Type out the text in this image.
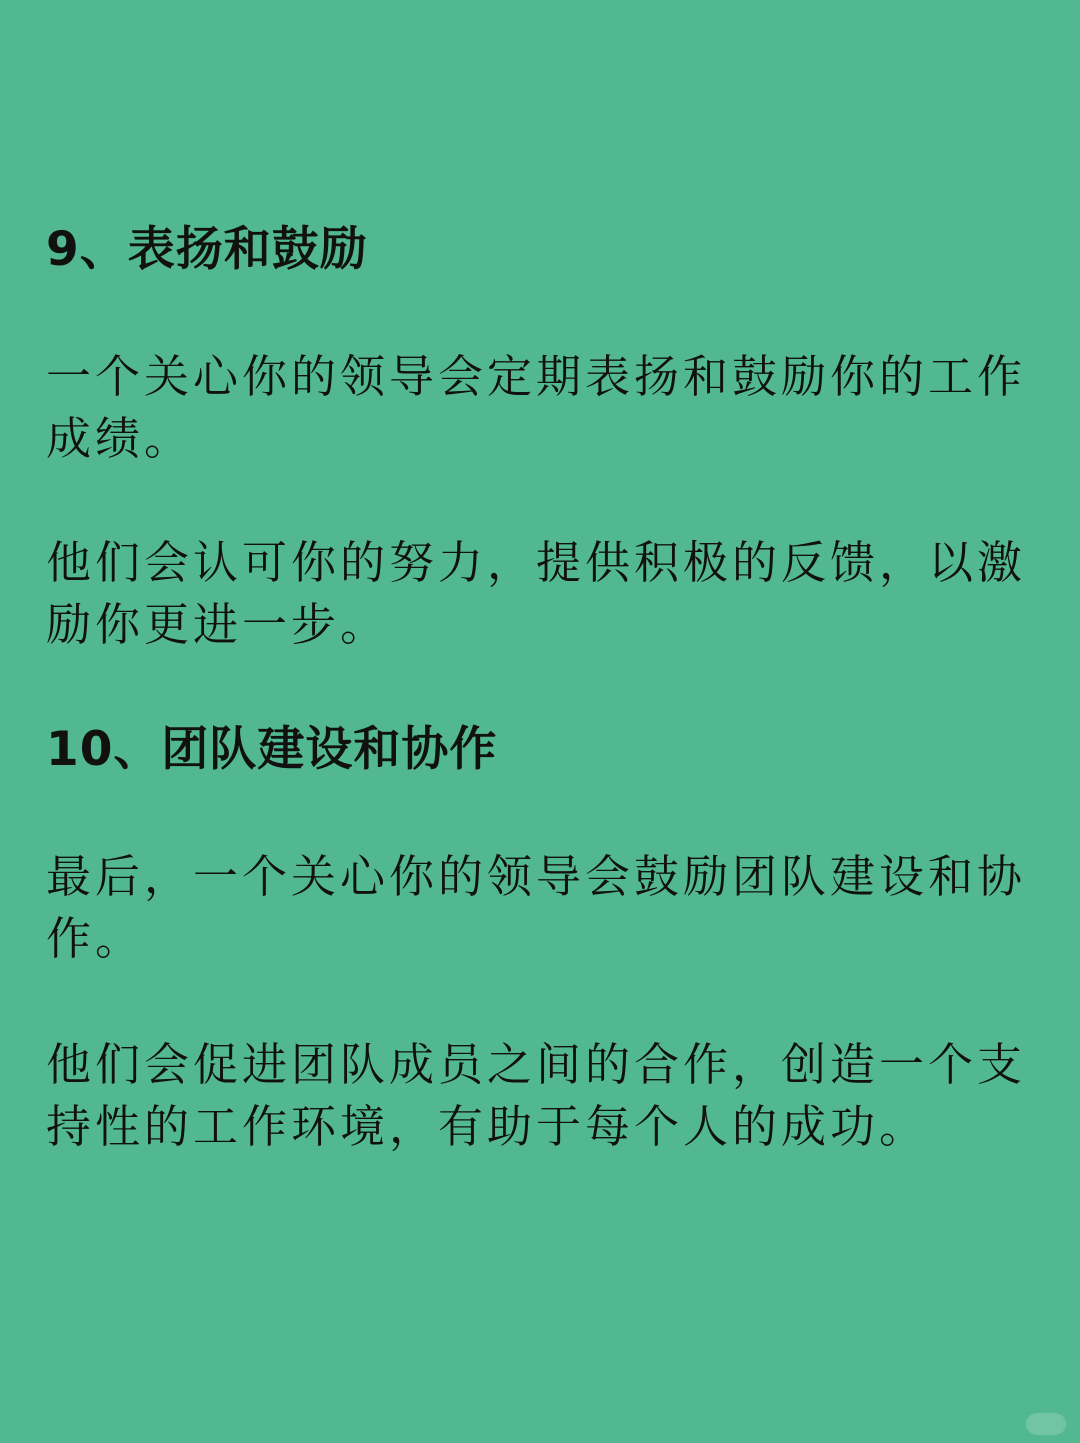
9、表扬和鼓励

一个关心你的领导会定期表扬和鼓励你的工作成绩。

他们会认可你的努力，提供积极的反馈，以激励你更进一步。

10、团队建设和协作

最后，一个关心你的领导会鼓励团队建设和协作。

他们会促进团队成员之间的合作，创造一个支持性的工作环境，有助于每个人的成功。
